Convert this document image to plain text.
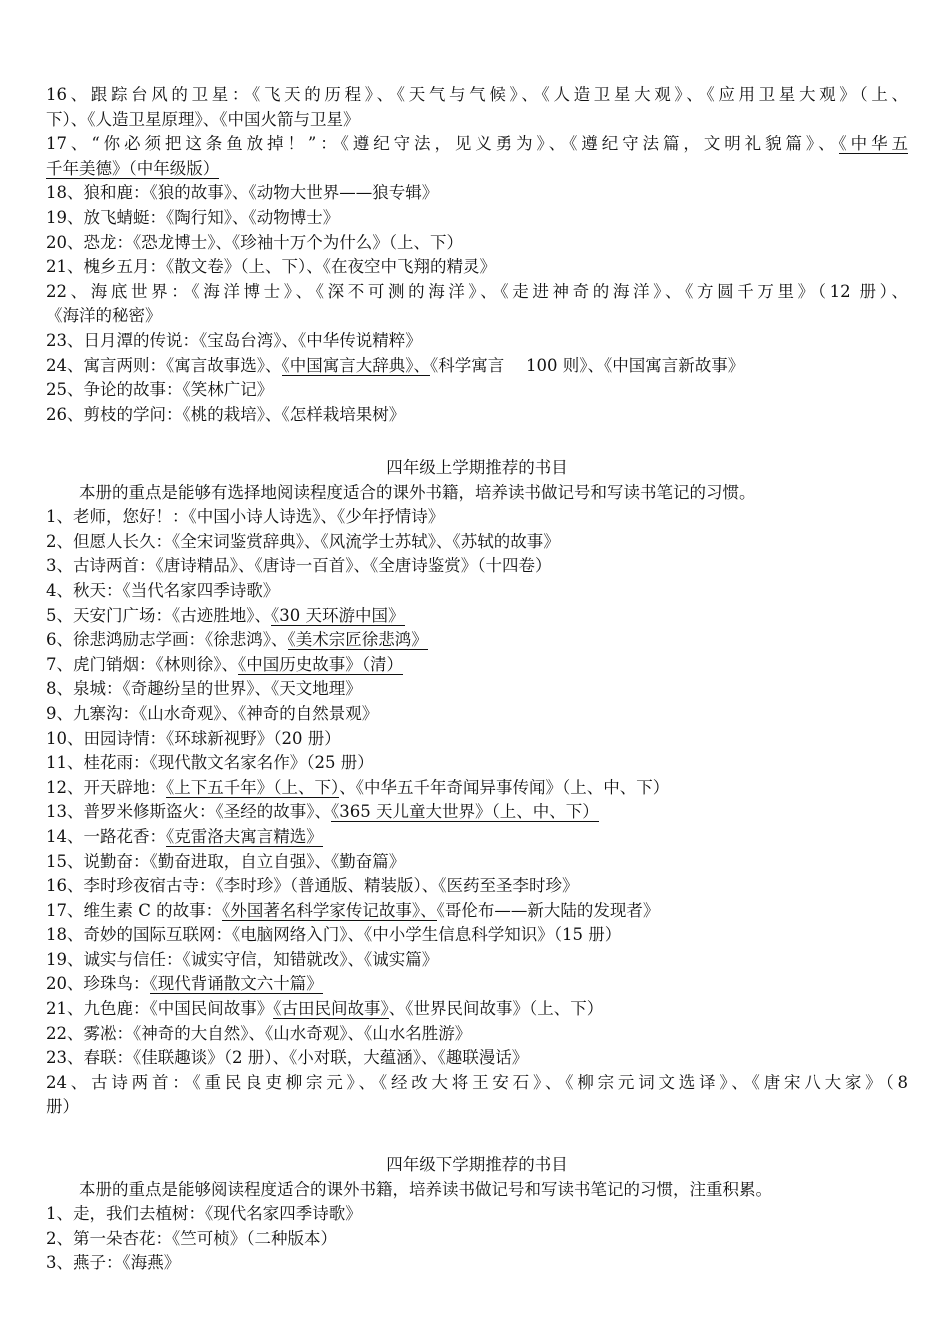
16、跟踪台风的卫星：《飞天的历程》、《天气与气候》、《人造卫星大观》、《应用卫星大观》（上、
下）、《人造卫星原理》、《中国火箭与卫星》
17、“你必须把这条鱼放掉！”：《遵纪守法，见义勇为》、《遵纪守法篇，文明礼貌篇》、《中华五
千年美德》（中年级版）
18、狼和鹿：《狼的故事》、《动物大世界——狼专辑》
19、放飞蜻蜓：《陶行知》、《动物博士》
20、恐龙：《恐龙博士》、《珍袖十万个为什么》（上、下）
21、槐乡五月：《散文卷》（上、下）、《在夜空中飞翔的精灵》
22、海底世界：《海洋博士》、《深不可测的海洋》、《走进神奇的海洋》、《方圆千万里》（12 册）、
《海洋的秘密》
23、日月潭的传说：《宝岛台湾》、《中华传说精粹》
24、寓言两则：《寓言故事选》、《中国寓言大辞典》、《科学寓言　 100 则》、《中国寓言新故事》
25、争论的故事：《笑林广记》
26、剪枝的学问：《桃的栽培》、《怎样栽培果树》
四年级上学期推荐的书目
本册的重点是能够有选择地阅读程度适合的课外书籍，培养读书做记号和写读书笔记的习惯。
1、老师，您好！：《中国小诗人诗选》、《少年抒情诗》
2、但愿人长久：《全宋词鉴赏辞典》、《风流学士苏轼》、《苏轼的故事》
3、古诗两首：《唐诗精品》、《唐诗一百首》、《全唐诗鉴赏》（十四卷）
4、秋天：《当代名家四季诗歌》
5、天安门广场：《古迹胜地》、《30 天环游中国》
6、徐悲鸿励志学画：《徐悲鸿》、《美术宗匠徐悲鸿》
7、虎门销烟：《林则徐》、《中国历史故事》（清）
8、泉城：《奇趣纷呈的世界》、《天文地理》
9、九寨沟：《山水奇观》、《神奇的自然景观》
10、田园诗情：《环球新视野》（20 册）
11、桂花雨：《现代散文名家名作》（25 册）
12、开天辟地：《上下五千年》（上、下）、《中华五千年奇闻异事传闻》（上、中、下）
13、普罗米修斯盗火：《圣经的故事》、《365 天儿童大世界》（上、中、下）
14、一路花香：《克雷洛夫寓言精选》
15、说勤奋：《勤奋进取，自立自强》、《勤奋篇》
16、李时珍夜宿古寺：《李时珍》（普通版、精装版）、《医药至圣李时珍》
17、维生素 C 的故事：《外国著名科学家传记故事》、《哥伦布——新大陆的发现者》
18、奇妙的国际互联网：《电脑网络入门》、《中小学生信息科学知识》（15 册）
19、诚实与信任：《诚实守信，知错就改》、《诚实篇》
20、珍珠鸟：《现代背诵散文六十篇》
21、九色鹿：《中国民间故事》《古田民间故事》、《世界民间故事》（上、下）
22、雾凇：《神奇的大自然》、《山水奇观》、《山水名胜游》
23、春联：《佳联趣谈》（2 册）、《小对联，大蕴涵》、《趣联漫话》
24、古诗两首：《重民良吏柳宗元》、《经改大将王安石》、《柳宗元词文选译》、《唐宋八大家》（8
册）
四年级下学期推荐的书目
本册的重点是能够阅读程度适合的课外书籍，培养读书做记号和写读书笔记的习惯，注重积累。
1、走，我们去植树：《现代名家四季诗歌》
2、第一朵杏花：《竺可桢》（二种版本）
3、燕子：《海燕》
